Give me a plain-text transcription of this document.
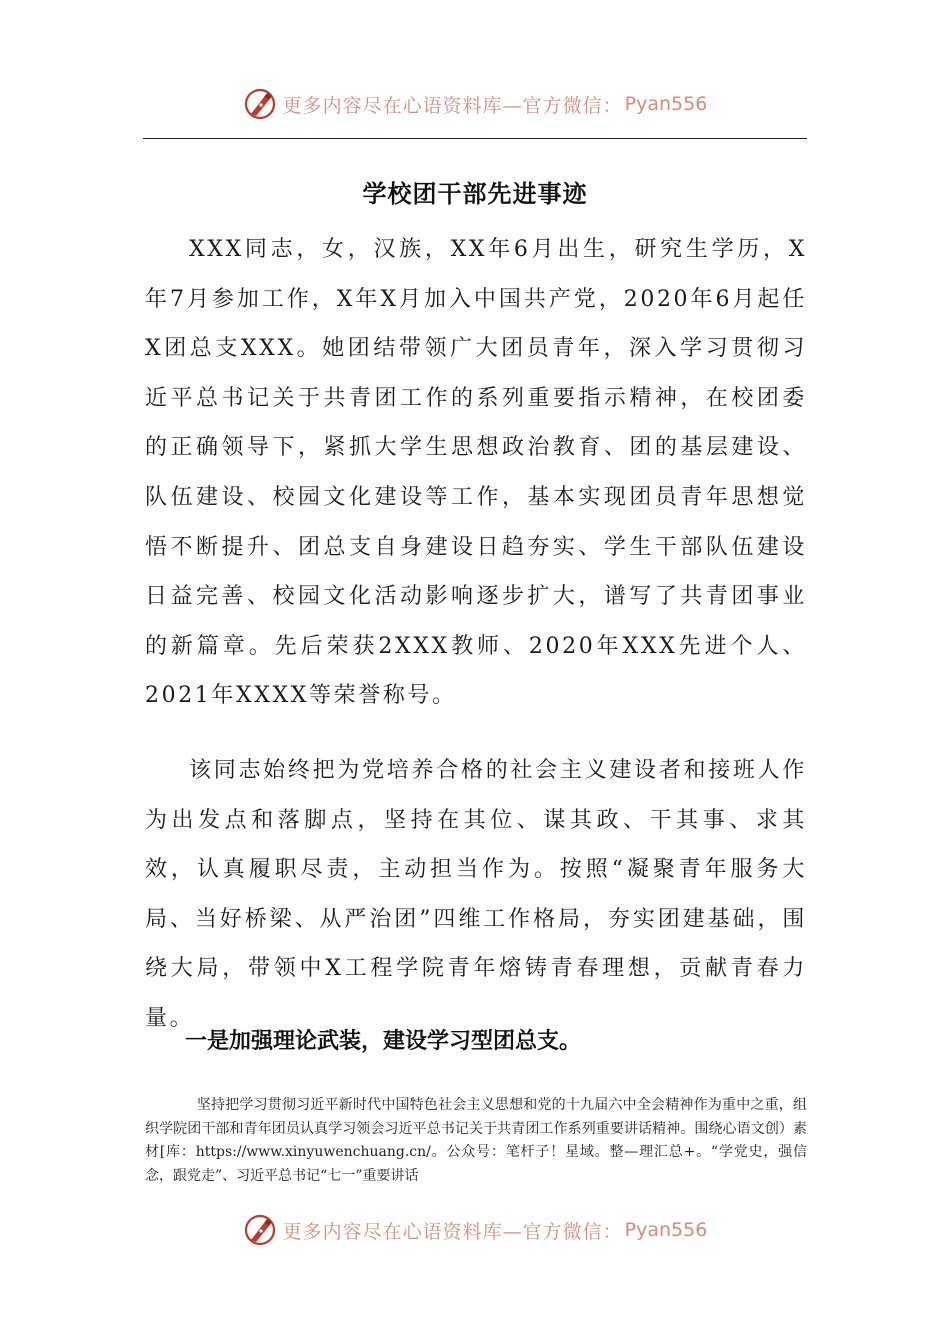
更多内容尽在心语资料库—官方微信： Pyan556
学校团干部先进事迹

XXX同志，女，汉族，XX年6月出生，研究生学历，X年7月参加工作，X年X月加入中国共产党，2020年6月起任X团总支XXX。她团结带领广大团员青年，深入学习贯彻习近平总书记关于共青团工作的系列重要指示精神，在校团委的正确领导下，紧抓大学生思想政治教育、团的基层建设、队伍建设、校园文化建设等工作，基本实现团员青年思想觉悟不断提升、团总支自身建设日趋夯实、学生干部队伍建设日益完善、校园文化活动影响逐步扩大，谱写了共青团事业的新篇章。先后荣获2XXX教师、2020年XXX先进个人、2021年XXXX等荣誉称号。

该同志始终把为党培养合格的社会主义建设者和接班人作为出发点和落脚点，坚持在其位、谋其政、干其事、求其效，认真履职尽责，主动担当作为。按照“凝聚青年服务大局、当好桥梁、从严治团”四维工作格局，夯实团建基础，围绕大局，带领中X工程学院青年熔铸青春理想，贡献青春力量。

一是加强理论武装，建设学习型团总支。

坚持把学习贯彻习近平新时代中国特色社会主义思想和党的十九届六中全会精神作为重中之重，组织学院团干部和青年团员认真学习领会习近平总书记关于共青团工作系列重要讲话精神。围绕心语文创）素材[库：https://www.xinyuwenchuang.cn/。公众号：笔杆子！星域。整—理汇总+。“学党史，强信念，跟党走”、习近平总书记“七一”重要讲话

更多内容尽在心语资料库—官方微信： Pyan556
